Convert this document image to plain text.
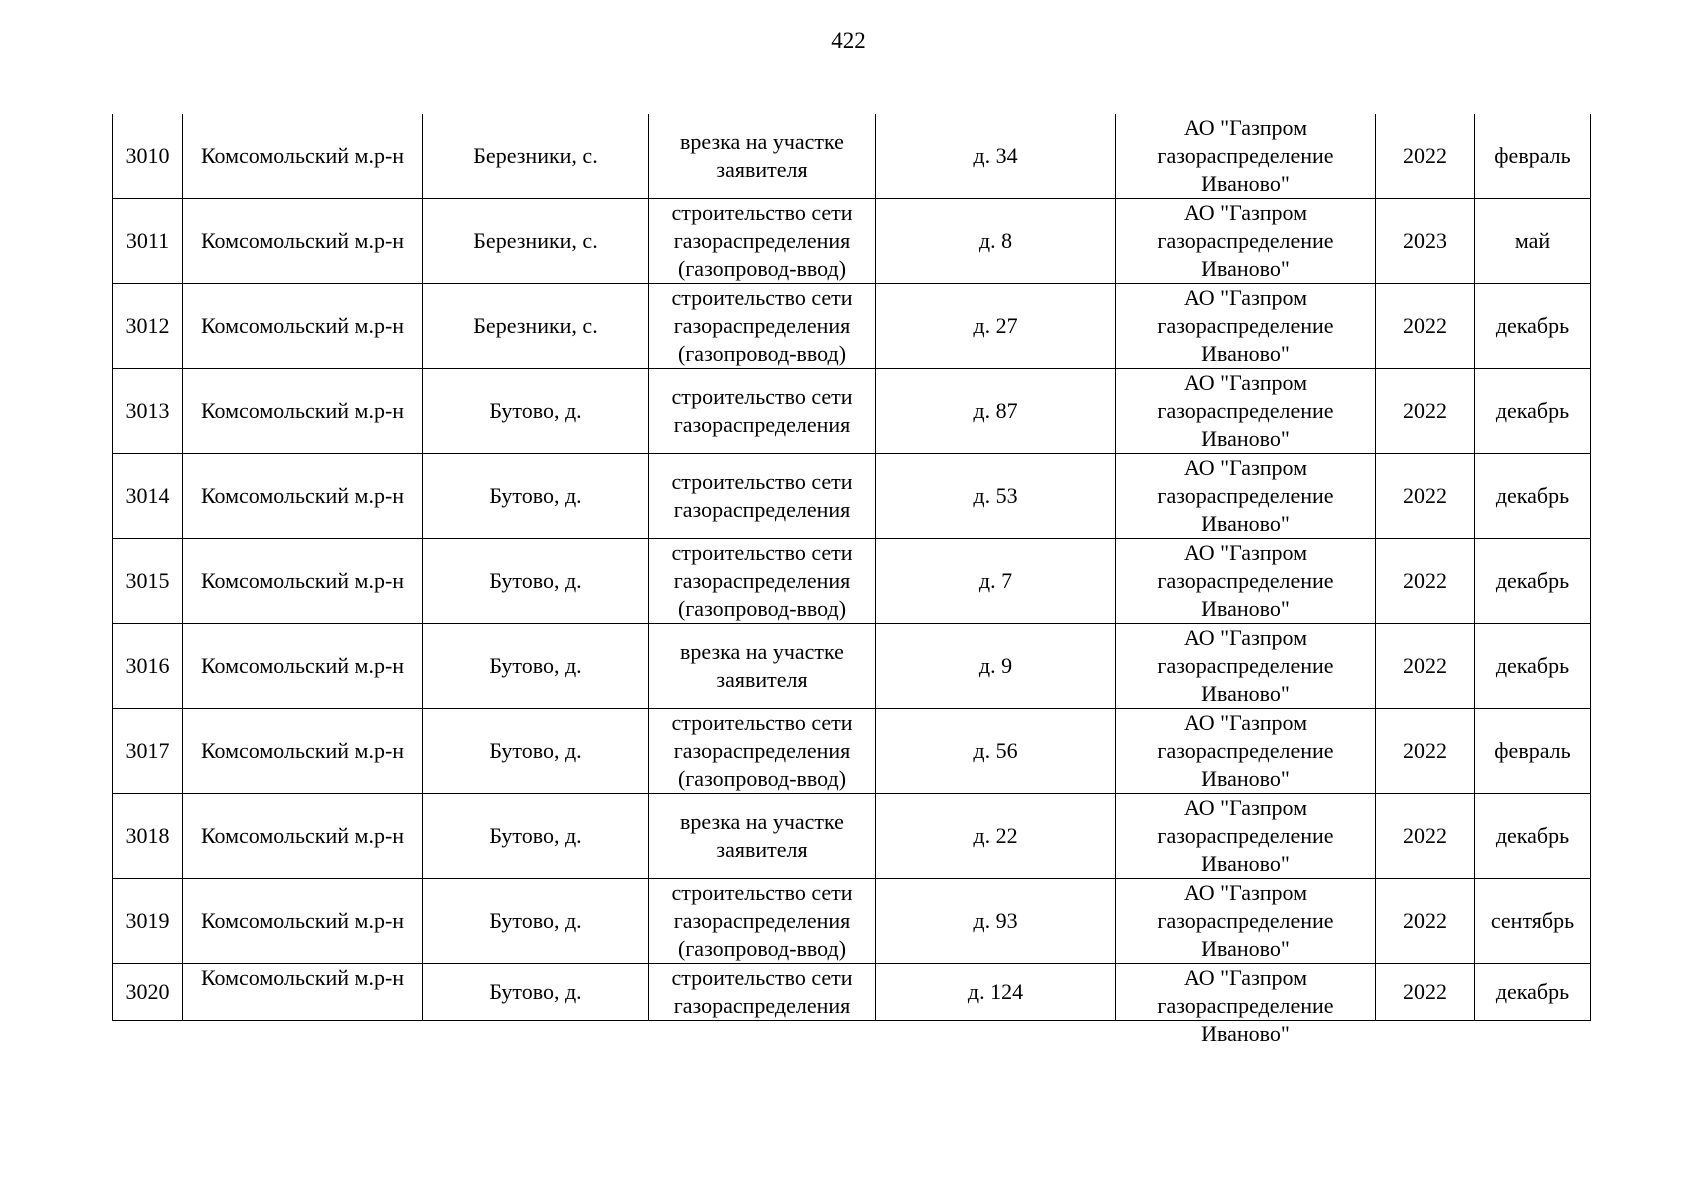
422
3010	Комсомольский м.р-н	Березники, с.	врезка на участке заявителя	д. 34	АО "Газпром газораспределение Иваново"	2022	февраль
3011	Комсомольский м.р-н	Березники, с.	строительство сети газораспределения (газопровод-ввод)	д. 8	АО "Газпром газораспределение Иваново"	2023	май
3012	Комсомольский м.р-н	Березники, с.	строительство сети газораспределения (газопровод-ввод)	д. 27	АО "Газпром газораспределение Иваново"	2022	декабрь
3013	Комсомольский м.р-н	Бутово, д.	строительство сети газораспределения	д. 87	АО "Газпром газораспределение Иваново"	2022	декабрь
3014	Комсомольский м.р-н	Бутово, д.	строительство сети газораспределения	д. 53	АО "Газпром газораспределение Иваново"	2022	декабрь
3015	Комсомольский м.р-н	Бутово, д.	строительство сети газораспределения (газопровод-ввод)	д. 7	АО "Газпром газораспределение Иваново"	2022	декабрь
3016	Комсомольский м.р-н	Бутово, д.	врезка на участке заявителя	д. 9	АО "Газпром газораспределение Иваново"	2022	декабрь
3017	Комсомольский м.р-н	Бутово, д.	строительство сети газораспределения (газопровод-ввод)	д. 56	АО "Газпром газораспределение Иваново"	2022	февраль
3018	Комсомольский м.р-н	Бутово, д.	врезка на участке заявителя	д. 22	АО "Газпром газораспределение Иваново"	2022	декабрь
3019	Комсомольский м.р-н	Бутово, д.	строительство сети газораспределения (газопровод-ввод)	д. 93	АО "Газпром газораспределение Иваново"	2022	сентябрь
3020	Комсомольский м.р-н	Бутово, д.	строительство сети газораспределения	д. 124	АО "Газпром газораспределение Иваново"	2022	декабрь
